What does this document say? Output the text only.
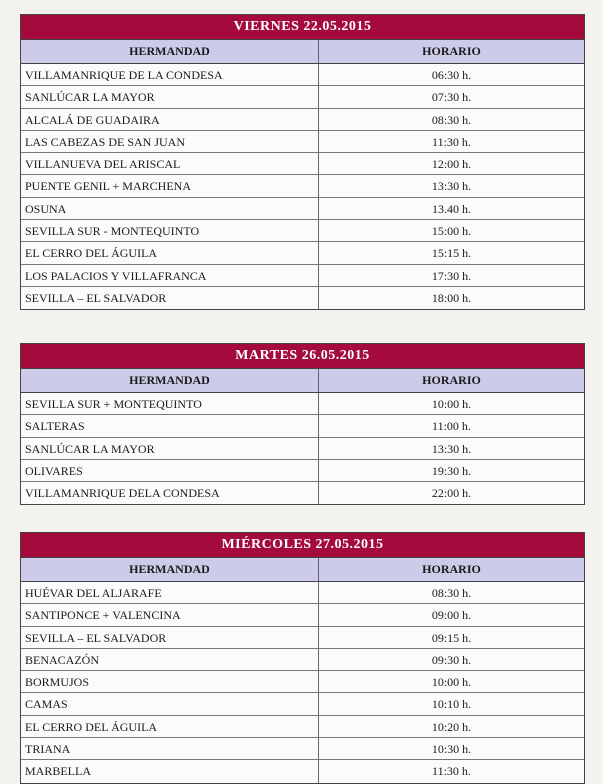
VIERNES 22.05.2015
HERMANDAD	HORARIO
VILLAMANRIQUE DE LA CONDESA	06:30 h.
SANLÚCAR LA MAYOR	07:30 h.
ALCALÁ DE GUADAIRA	08:30 h.
LAS CABEZAS DE SAN JUAN	11:30 h.
VILLANUEVA DEL ARISCAL	12:00 h.
PUENTE GENIL + MARCHENA	13:30 h.
OSUNA	13.40 h.
SEVILLA SUR - MONTEQUINTO	15:00 h.
EL CERRO DEL ÁGUILA	15:15 h.
LOS PALACIOS Y VILLAFRANCA	17:30 h.
SEVILLA – EL SALVADOR	18:00 h.
MARTES 26.05.2015
HERMANDAD	HORARIO
SEVILLA SUR + MONTEQUINTO	10:00 h.
SALTERAS	11:00 h.
SANLÚCAR LA MAYOR	13:30 h.
OLIVARES	19:30 h.
VILLAMANRIQUE DELA CONDESA	22:00 h.
MIÉRCOLES 27.05.2015
HERMANDAD	HORARIO
HUÉVAR DEL ALJARAFE	08:30 h.
SANTIPONCE + VALENCINA	09:00 h.
SEVILLA – EL SALVADOR	09:15 h.
BENACAZÓN	09:30 h.
BORMUJOS	10:00 h.
CAMAS	10:10 h.
EL CERRO DEL ÁGUILA	10:20 h.
TRIANA	10:30 h.
MARBELLA	11:30 h.
